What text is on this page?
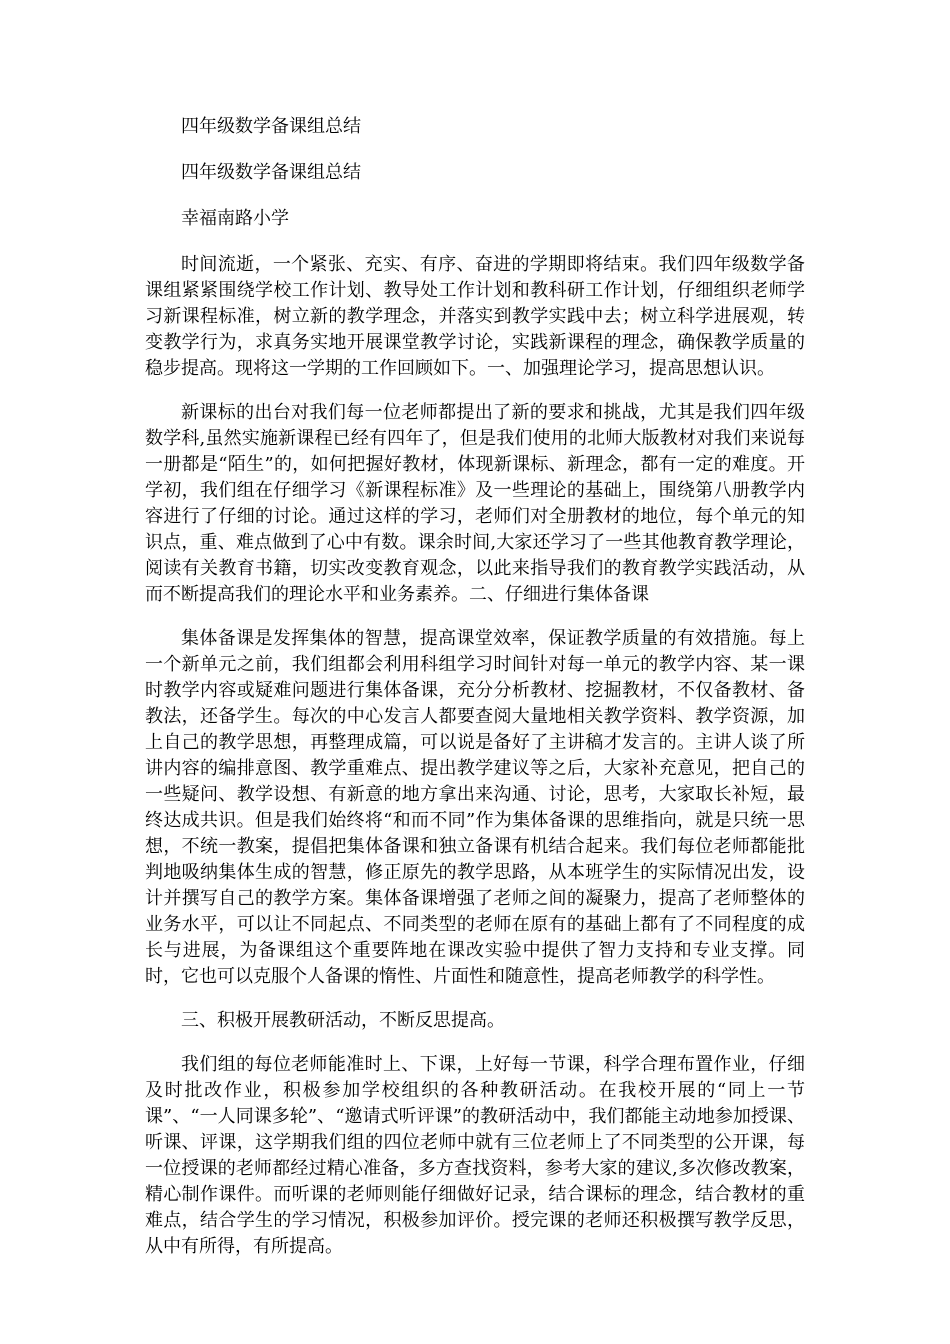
四年级数学备课组总结

四年级数学备课组总结

幸福南路小学

时间流逝，一个紧张、充实、有序、奋进的学期即将结束。我们四年级数学备课组紧紧围绕学校工作计划、教导处工作计划和教科研工作计划，仔细组织老师学习新课程标准，树立新的教学理念，并落实到教学实践中去；树立科学进展观，转变教学行为，求真务实地开展课堂教学讨论，实践新课程的理念，确保教学质量的稳步提高。现将这一学期的工作回顾如下。一、加强理论学习，提高思想认识。

新课标的出台对我们每一位老师都提出了新的要求和挑战，尤其是我们四年级数学科,虽然实施新课程已经有四年了，但是我们使用的北师大版教材对我们来说每一册都是“陌生”的，如何把握好教材，体现新课标、新理念，都有一定的难度。开学初，我们组在仔细学习《新课程标准》及一些理论的基础上，围绕第八册教学内容进行了仔细的讨论。通过这样的学习，老师们对全册教材的地位，每个单元的知识点，重、难点做到了心中有数。课余时间,大家还学习了一些其他教育教学理论，阅读有关教育书籍，切实改变教育观念，以此来指导我们的教育教学实践活动，从而不断提高我们的理论水平和业务素养。二、仔细进行集体备课

集体备课是发挥集体的智慧，提高课堂效率，保证教学质量的有效措施。每上一个新单元之前，我们组都会利用科组学习时间针对每一单元的教学内容、某一课时教学内容或疑难问题进行集体备课，充分分析教材、挖掘教材，不仅备教材、备教法，还备学生。每次的中心发言人都要查阅大量地相关教学资料、教学资源，加上自己的教学思想，再整理成篇，可以说是备好了主讲稿才发言的。主讲人谈了所讲内容的编排意图、教学重难点、提出教学建议等之后，大家补充意见，把自己的一些疑问、教学设想、有新意的地方拿出来沟通、讨论，思考，大家取长补短，最终达成共识。但是我们始终将“和而不同”作为集体备课的思维指向，就是只统一思想，不统一教案，提倡把集体备课和独立备课有机结合起来。我们每位老师都能批判地吸纳集体生成的智慧，修正原先的教学思路，从本班学生的实际情况出发，设计并撰写自己的教学方案。集体备课增强了老师之间的凝聚力，提高了老师整体的业务水平，可以让不同起点、不同类型的老师在原有的基础上都有了不同程度的成长与进展，为备课组这个重要阵地在课改实验中提供了智力支持和专业支撑。同时，它也可以克服个人备课的惰性、片面性和随意性，提高老师教学的科学性。

三、积极开展教研活动，不断反思提高。

我们组的每位老师能准时上、下课，上好每一节课，科学合理布置作业，仔细及时批改作业，积极参加学校组织的各种教研活动。在我校开展的“同上一节课”、“一人同课多轮”、“邀请式听评课”的教研活动中，我们都能主动地参加授课、听课、评课，这学期我们组的四位老师中就有三位老师上了不同类型的公开课，每一位授课的老师都经过精心准备，多方查找资料，参考大家的建议,多次修改教案，精心制作课件。而听课的老师则能仔细做好记录，结合课标的理念，结合教材的重难点，结合学生的学习情况，积极参加评价。授完课的老师还积极撰写教学反思，从中有所得，有所提高。
